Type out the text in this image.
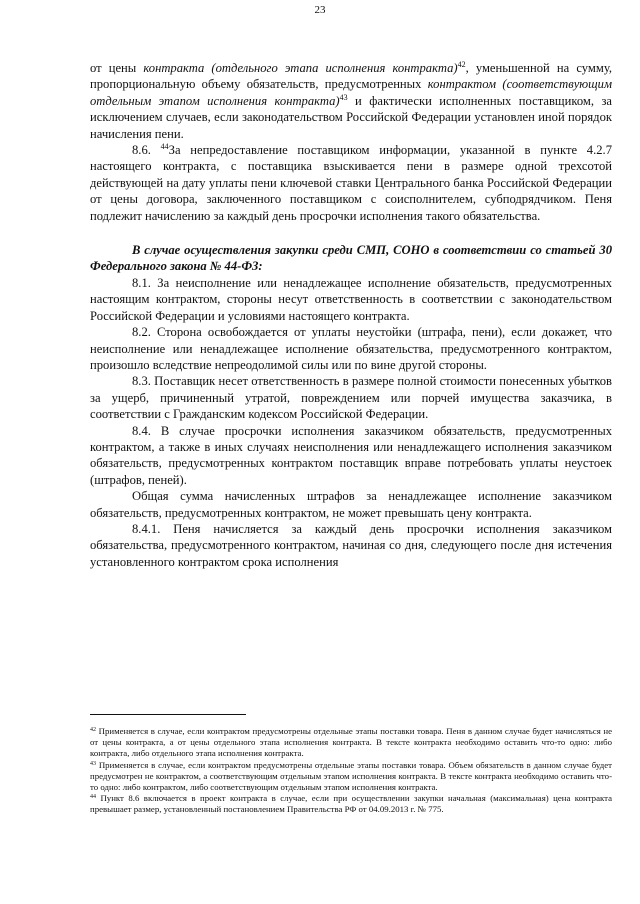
23

от цены контракта (отдельного этапа исполнения контракта)$^{42}$, уменьшенной на сумму, пропорциональную объему обязательств, предусмотренных контрактом (соответствующим отдельным этапом исполнения контракта)$^{43}$ и фактически исполненных поставщиком, за исключением случаев, если законодательством Российской Федерации установлен иной порядок начисления пени.

8.6. $^{44}$За непредоставление поставщиком информации, указанной в пункте 4.2.7 настоящего контракта, с поставщика взыскивается пени в размере одной трехсотой действующей на дату уплаты пени ключевой ставки Центрального банка Российской Федерации от цены договора, заключенного поставщиком с соисполнителем, субподрядчиком. Пеня подлежит начислению за каждый день просрочки исполнения такого обязательства.

В случае осуществления закупки среди СМП, СОНО в соответствии со статьей 30 Федерального закона № 44-ФЗ:

8.1. За неисполнение или ненадлежащее исполнение обязательств, предусмотренных настоящим контрактом, стороны несут ответственность в соответствии с законодательством Российской Федерации и условиями настоящего контракта.

8.2. Сторона освобождается от уплаты неустойки (штрафа, пени), если докажет, что неисполнение или ненадлежащее исполнение обязательства, предусмотренного контрактом, произошло вследствие непреодолимой силы или по вине другой стороны.

8.3. Поставщик несет ответственность в размере полной стоимости понесенных убытков за ущерб, причиненный утратой, повреждением или порчей имущества заказчика, в соответствии с Гражданским кодексом Российской Федерации.

8.4. В случае просрочки исполнения заказчиком обязательств, предусмотренных контрактом, а также в иных случаях неисполнения или ненадлежащего исполнения заказчиком обязательств, предусмотренных контрактом поставщик вправе потребовать уплаты неустоек (штрафов, пеней).

Общая сумма начисленных штрафов за ненадлежащее исполнение заказчиком обязательств, предусмотренных контрактом, не может превышать цену контракта.

8.4.1. Пеня начисляется за каждый день просрочки исполнения заказчиком обязательства, предусмотренного контрактом, начиная со дня, следующего после дня истечения установленного контрактом срока исполнения

$^{42}$ Применяется в случае, если контрактом предусмотрены отдельные этапы поставки товара. Пеня в данном случае будет начисляться не от цены контракта, а от цены отдельного этапа исполнения контракта. В тексте контракта необходимо оставить что-то одно: либо контракта, либо отдельного этапа исполнения контракта.

$^{43}$ Применяется в случае, если контрактом предусмотрены отдельные этапы поставки товара. Объем обязательств в данном случае будет предусмотрен не контрактом, а соответствующим отдельным этапом исполнения контракта. В тексте контракта необходимо оставить что-то одно: либо контрактом, либо соответствующим отдельным этапом исполнения контракта.

$^{44}$ Пункт 8.6 включается в проект контракта в случае, если при осуществлении закупки начальная (максимальная) цена контракта превышает размер, установленный постановлением Правительства РФ от 04.09.2013 г. № 775.
